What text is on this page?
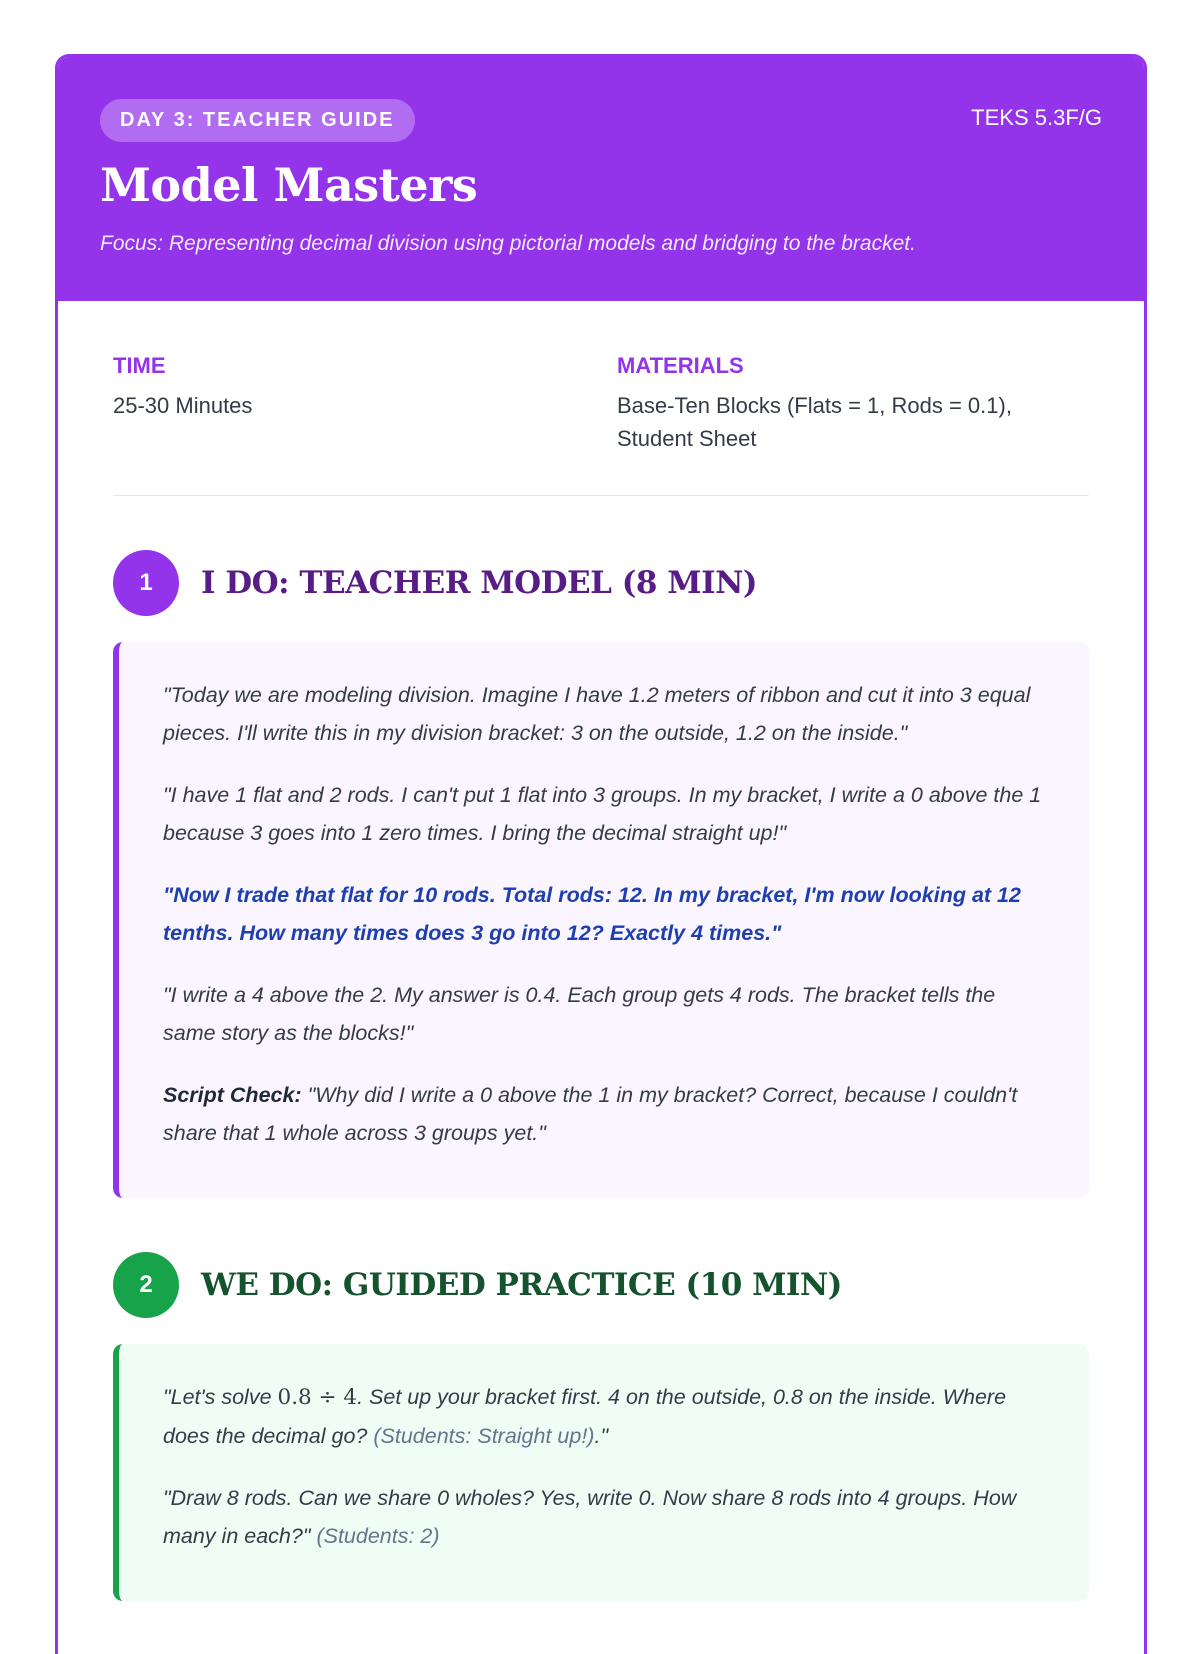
DAY 3: TEACHER GUIDE	TEKS 5.3F/G
Model Masters
Focus: Representing decimal division using pictorial models and bridging to the bracket.
TIME
25-30 Minutes
MATERIALS
Base-Ten Blocks (Flats = 1, Rods = 0.1), Student Sheet
1	I DO: TEACHER MODEL (8 MIN)

"Today we are modeling division. Imagine I have 1.2 meters of ribbon and cut it into 3 equal pieces. I'll write this in my division bracket: 3 on the outside, 1.2 on the inside."

"I have 1 flat and 2 rods. I can't put 1 flat into 3 groups. In my bracket, I write a 0 above the 1 because 3 goes into 1 zero times. I bring the decimal straight up!"

"Now I trade that flat for 10 rods. Total rods: 12. In my bracket, I'm now looking at 12 tenths. How many times does 3 go into 12? Exactly 4 times."

"I write a 4 above the 2. My answer is 0.4. Each group gets 4 rods. The bracket tells the same story as the blocks!"

Script Check: "Why did I write a 0 above the 1 in my bracket? Correct, because I couldn't share that 1 whole across 3 groups yet."

2	WE DO: GUIDED PRACTICE (10 MIN)

"Let's solve 0.8 ÷ 4. Set up your bracket first. 4 on the outside, 0.8 on the inside. Where does the decimal go? (Students: Straight up!)."

"Draw 8 rods. Can we share 0 wholes? Yes, write 0. Now share 8 rods into 4 groups. How many in each?" (Students: 2)
